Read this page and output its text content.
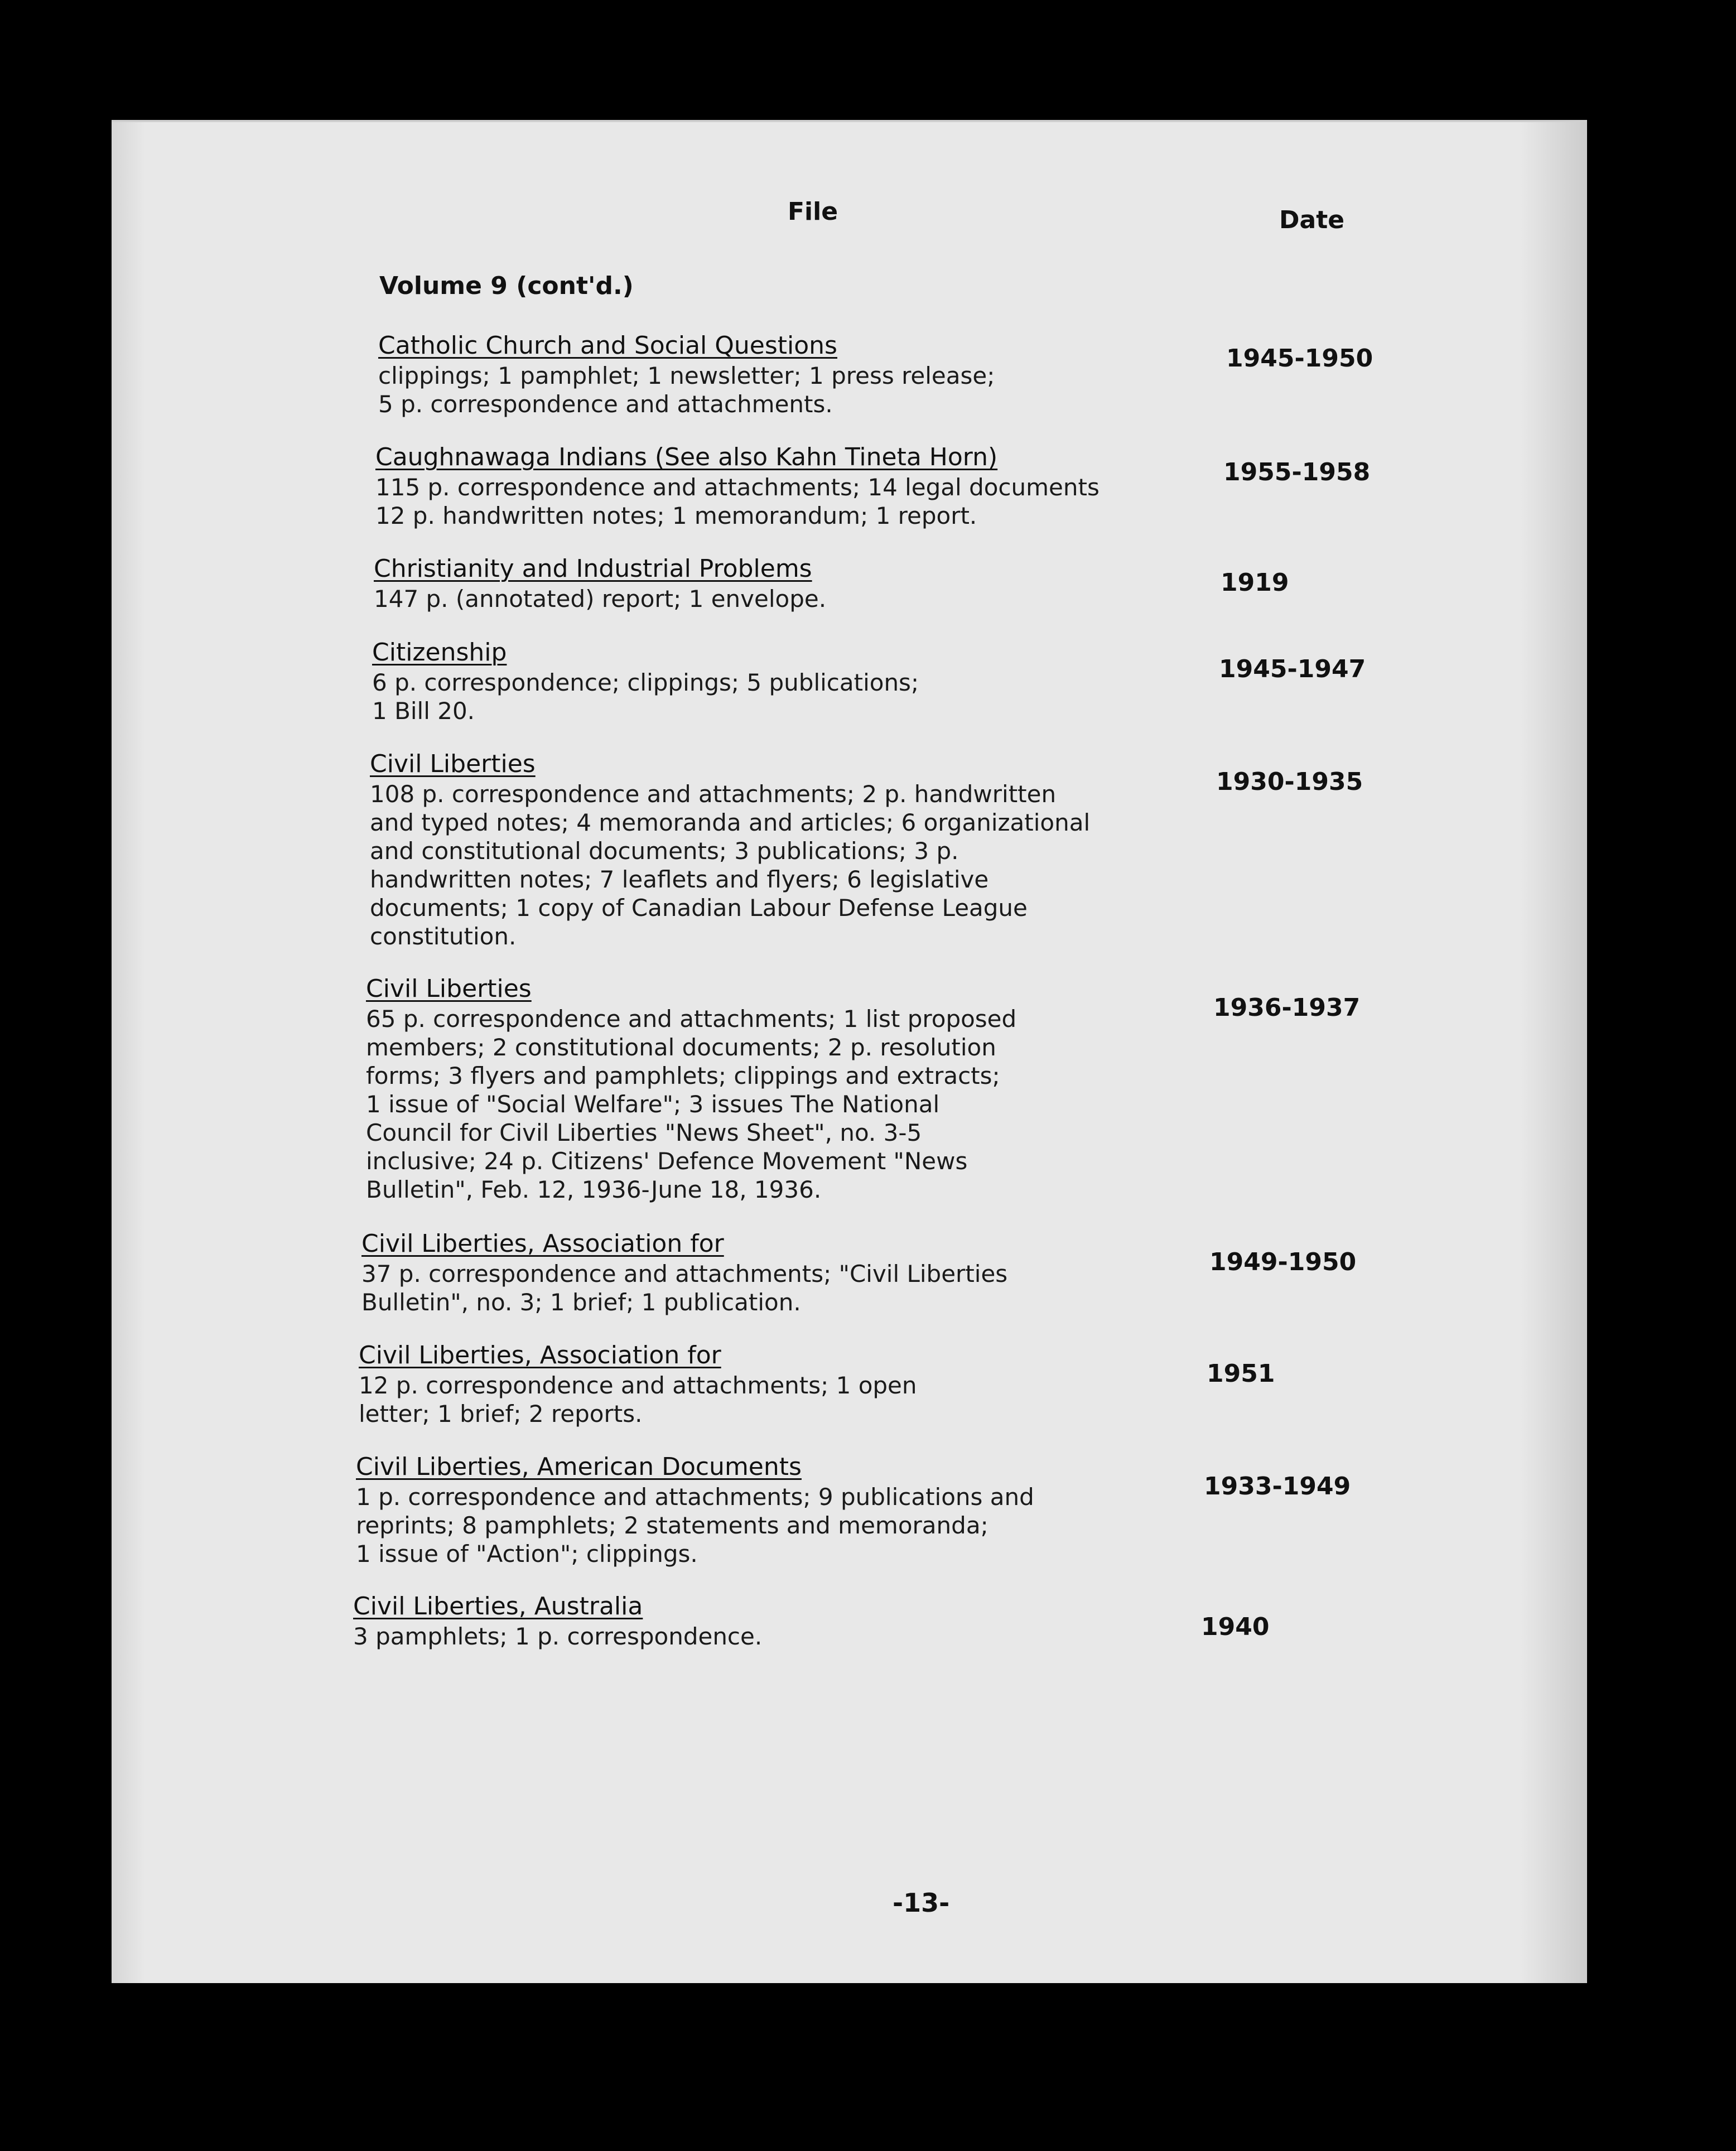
File	Date
Volume 9 (cont'd.)
Catholic Church and Social Questions
clippings; 1 pamphlet; 1 newsletter; 1 press release;
5 p. correspondence and attachments.
1945-1950
Caughnawaga Indians (See also Kahn Tineta Horn)
115 p. correspondence and attachments; 14 legal documents
12 p. handwritten notes; 1 memorandum; 1 report.
1955-1958
Christianity and Industrial Problems
147 p. (annotated) report; 1 envelope.
1919
Citizenship
6 p. correspondence; clippings; 5 publications;
1 Bill 20.
1945-1947
Civil Liberties
108 p. correspondence and attachments; 2 p. handwritten
and typed notes; 4 memoranda and articles; 6 organizational
and constitutional documents; 3 publications; 3 p.
handwritten notes; 7 leaflets and flyers; 6 legislative
documents; 1 copy of Canadian Labour Defense League
constitution.
1930-1935
Civil Liberties
65 p. correspondence and attachments; 1 list proposed
members; 2 constitutional documents; 2 p. resolution
forms; 3 flyers and pamphlets; clippings and extracts;
1 issue of "Social Welfare"; 3 issues The National
Council for Civil Liberties "News Sheet", no. 3-5
inclusive; 24 p. Citizens' Defence Movement "News
Bulletin", Feb. 12, 1936-June 18, 1936.
1936-1937
Civil Liberties, Association for
37 p. correspondence and attachments; "Civil Liberties
Bulletin", no. 3; 1 brief; 1 publication.
1949-1950
Civil Liberties, Association for
12 p. correspondence and attachments; 1 open
letter; 1 brief; 2 reports.
1951
Civil Liberties, American Documents
1 p. correspondence and attachments; 9 publications and
reprints; 8 pamphlets; 2 statements and memoranda;
1 issue of "Action"; clippings.
1933-1949
Civil Liberties, Australia
3 pamphlets; 1 p. correspondence.	1940
-13-
